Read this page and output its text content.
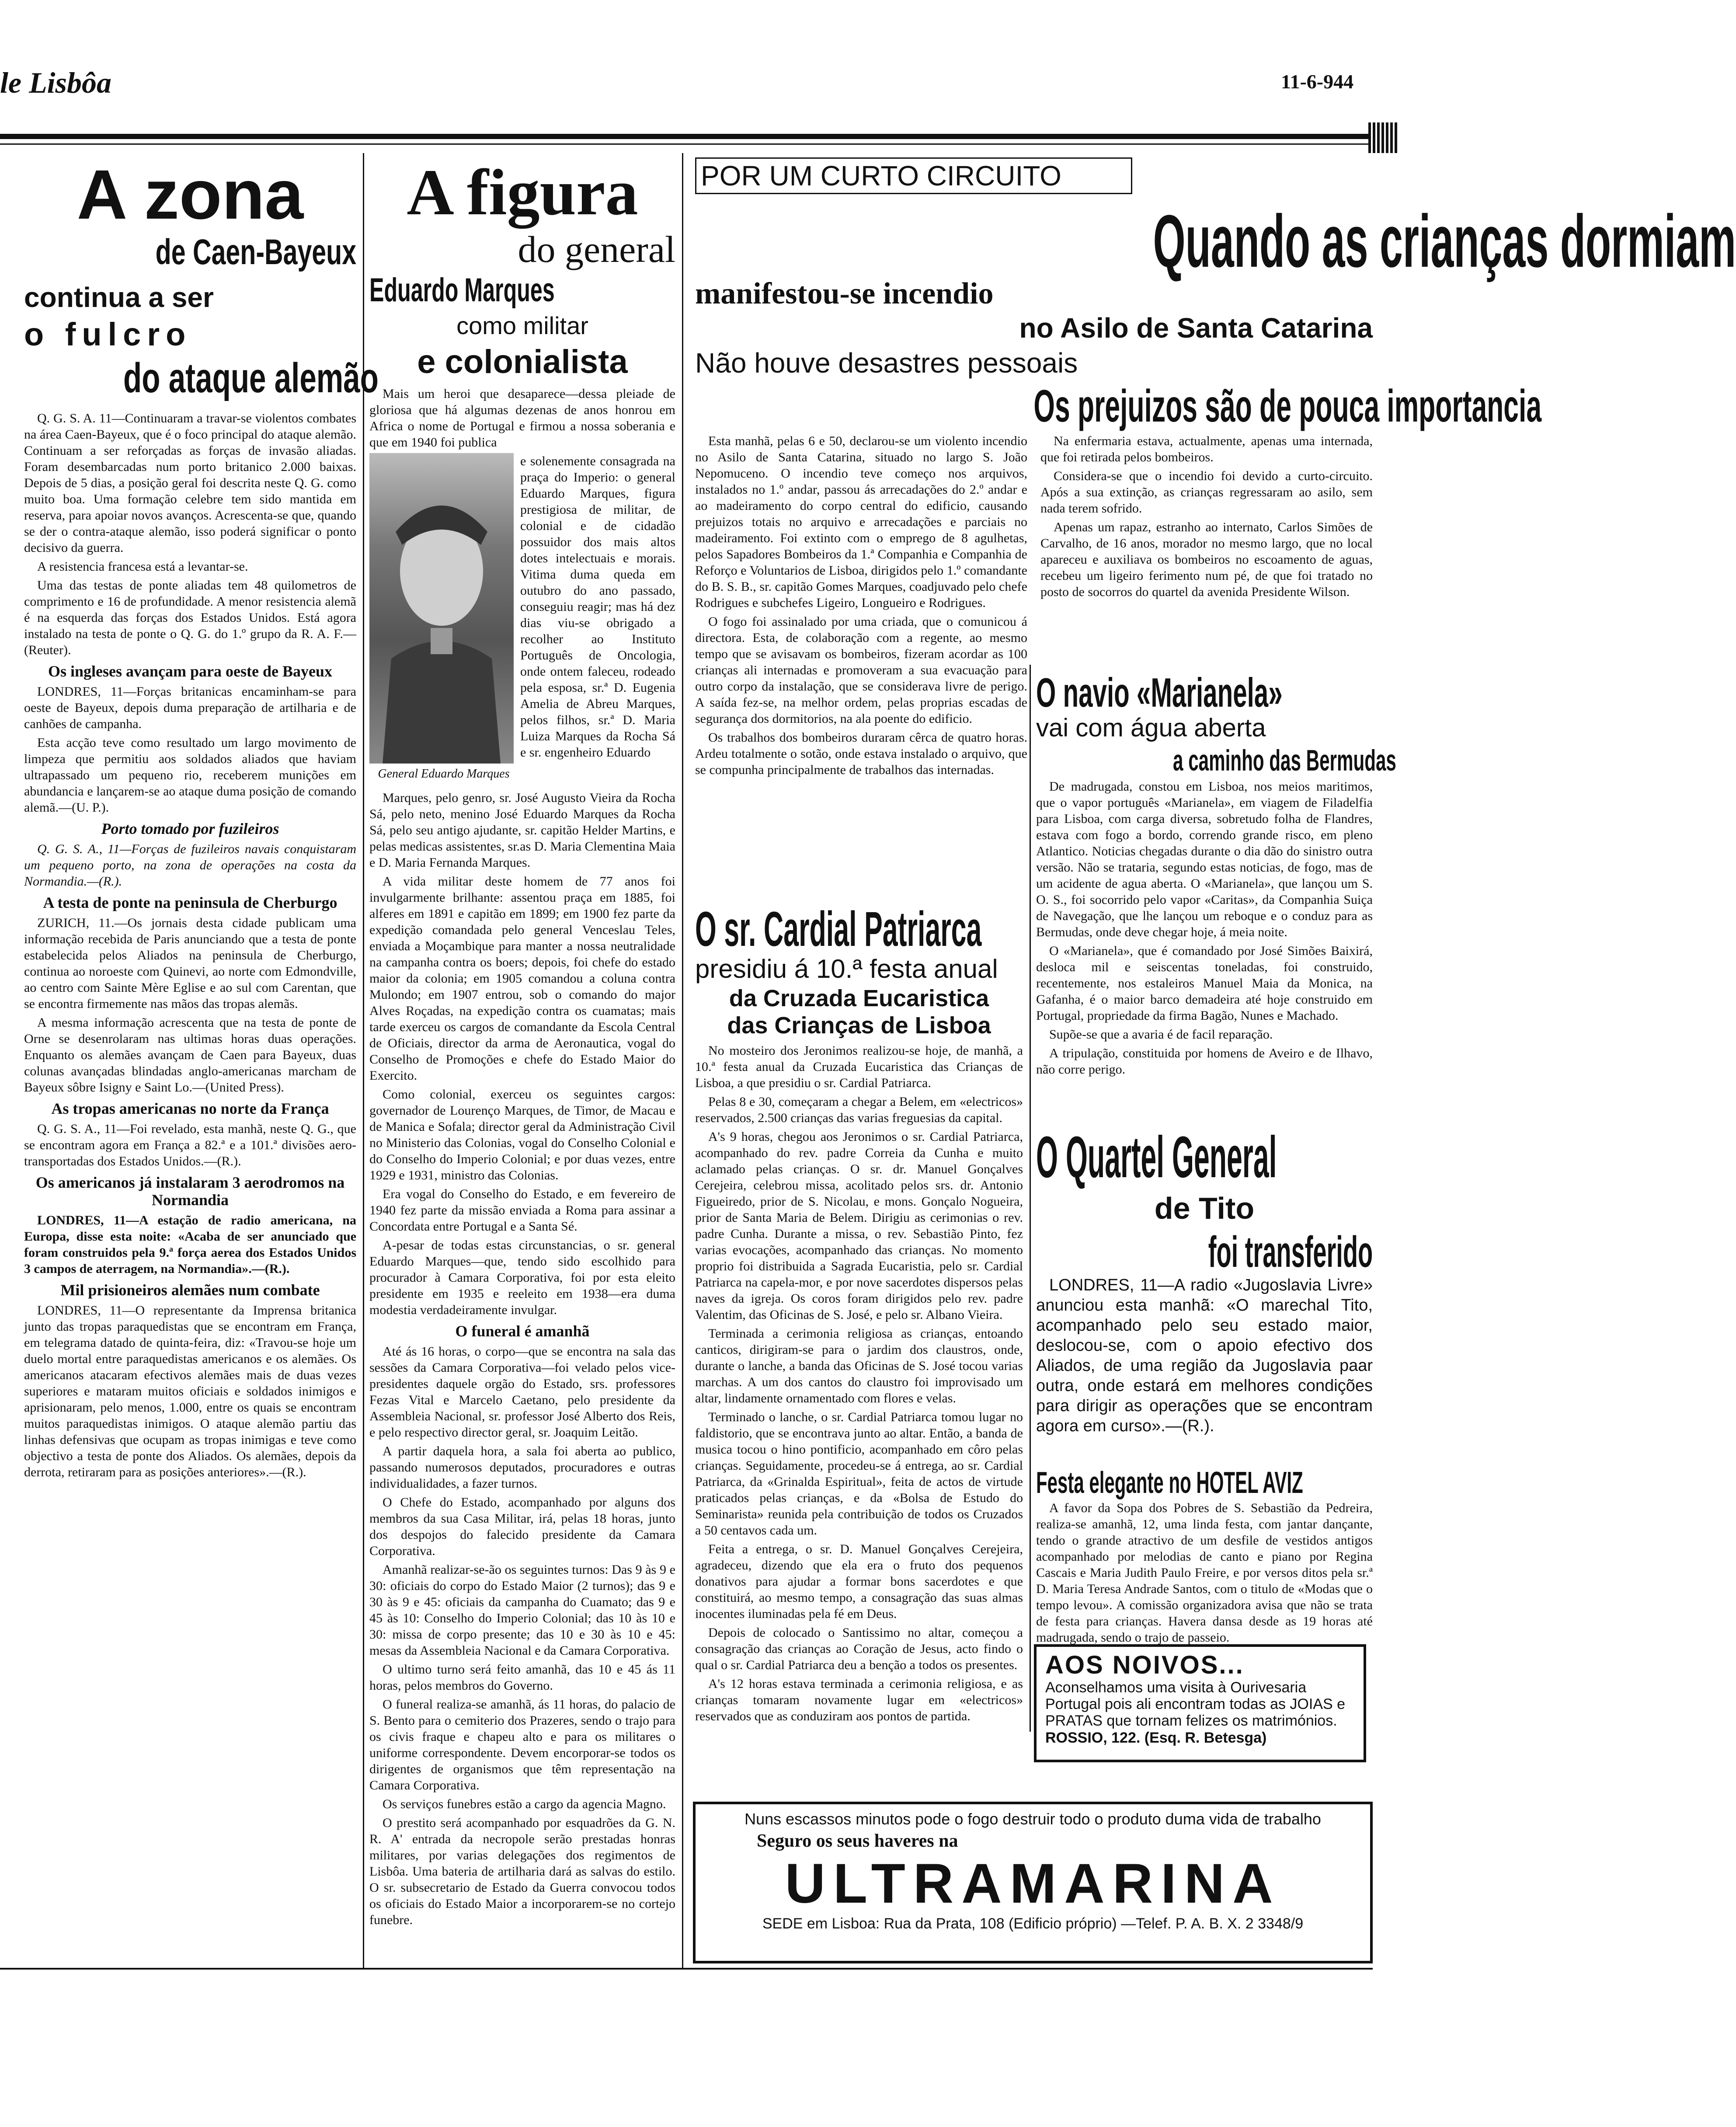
le Lisbôa	11-6-944
A zona
de Caen-Bayeux
continua a ser
o fulcro
do ataque alemão

Q. G. S. A. 11—Continuaram a travar-se violentos combates na área Caen-Bayeux, que é o foco principal do ataque alemão. Continuam a ser reforçadas as forças de invasão aliadas. Foram desembarcadas num porto britanico 2.000 baixas. Depois de 5 dias, a posição geral foi descrita neste Q. G. como muito boa. Uma formação celebre tem sido mantida em reserva, para apoiar novos avanços. Acrescenta-se que, quando se der o contra-ataque alemão, isso poderá significar o ponto decisivo da guerra.

A resistencia francesa está a levantar-se.

Uma das testas de ponte aliadas tem 48 quilometros de comprimento e 16 de profundidade. A menor resistencia alemã é na esquerda das forças dos Estados Unidos. Está agora instalado na testa de ponte o Q. G. do 1.º grupo da R. A. F.—(Reuter).

Os ingleses avançam para oeste de Bayeux

LONDRES, 11—Forças britanicas encaminham-se para oeste de Bayeux, depois duma preparação de artilharia e de canhões de campanha.

Esta acção teve como resultado um largo movimento de limpeza que permitiu aos soldados aliados que haviam ultrapassado um pequeno rio, receberem munições em abundancia e lançarem-se ao ataque duma posição de comando alemã.—(U. P.).

Porto tomado por fuzileiros

Q. G. S. A., 11—Forças de fuzileiros navais conquistaram um pequeno porto, na zona de operações na costa da Normandia.—(R.).

A testa de ponte na peninsula de Cherburgo

ZURICH, 11.—Os jornais desta cidade publicam uma informação recebida de Paris anunciando que a testa de ponte estabelecida pelos Aliados na peninsula de Cherburgo, continua ao noroeste com Quinevi, ao norte com Edmondville, ao centro com Sainte Mère Eglise e ao sul com Carentan, que se encontra firmemente nas mãos das tropas alemãs.

A mesma informação acrescenta que na testa de ponte de Orne se desenrolaram nas ultimas horas duas operações. Enquanto os alemães avançam de Caen para Bayeux, duas colunas avançadas blindadas anglo-americanas marcham de Bayeux sôbre Isigny e Saint Lo.—(United Press).

As tropas americanas no norte da França

Q. G. S. A., 11—Foi revelado, esta manhã, neste Q. G., que se encontram agora em França a 82.ª e a 101.ª divisões aero-transportadas dos Estados Unidos.—(R.).

Os americanos já instalaram 3 aerodromos na Normandia

LONDRES, 11—A estação de radio americana, na Europa, disse esta noite: «Acaba de ser anunciado que foram construidos pela 9.ª força aerea dos Estados Unidos 3 campos de aterragem, na Normandia».—(R.).

Mil prisioneiros alemães num combate

LONDRES, 11—O representante da Imprensa britanica junto das tropas paraquedistas que se encontram em França, em telegrama datado de quinta-feira, diz: «Travou-se hoje um duelo mortal entre paraquedistas americanos e os alemães. Os americanos atacaram efectivos alemães mais de duas vezes superiores e mataram muitos oficiais e soldados inimigos e aprisionaram, pelo menos, 1.000, entre os quais se encontram muitos paraquedistas inimigos. O ataque alemão partiu das linhas defensivas que ocupam as tropas inimigas e teve como objectivo a testa de ponte dos Aliados. Os alemães, depois da derrota, retiraram para as posições anteriores».—(R.).

A figura
do general
Eduardo Marques
como militar
e colonialista

Mais um heroi que desaparece—dessa pleiade de gloriosa que há algumas dezenas de anos honrou em Africa o nome de Portugal e firmou a nossa soberania e que em 1940 foi publica

e solenemente consagrada na praça do Imperio: o general Eduardo Marques, figura prestigiosa de militar, de colonial e de cidadão possuidor dos mais altos dotes intelectuais e morais. Vitima duma queda em outubro do ano passado, conseguiu reagir; mas há dez dias viu-se obrigado a recolher ao Instituto Português de Oncologia, onde ontem faleceu, rodeado pela esposa, sr.ª D. Eugenia Amelia de Abreu Marques, pelos filhos, sr.ª D. Maria Luiza Marques da Rocha Sá e sr. engenheiro Eduardo

General Eduardo Marques

Marques, pelo genro, sr. José Augusto Vieira da Rocha Sá, pelo neto, menino José Eduardo Marques da Rocha Sá, pelo seu antigo ajudante, sr. capitão Helder Martins, e pelas medicas assistentes, sr.as D. Maria Clementina Maia e D. Maria Fernanda Marques.

A vida militar deste homem de 77 anos foi invulgarmente brilhante: assentou praça em 1885, foi alferes em 1891 e capitão em 1899; em 1900 fez parte da expedição comandada pelo general Venceslau Teles, enviada a Moçambique para manter a nossa neutralidade na campanha contra os boers; depois, foi chefe do estado maior da colonia; em 1905 comandou a coluna contra Mulondo; em 1907 entrou, sob o comando do major Alves Roçadas, na expedição contra os cuamatas; mais tarde exerceu os cargos de comandante da Escola Central de Oficiais, director da arma de Aeronautica, vogal do Conselho de Promoções e chefe do Estado Maior do Exercito.

Como colonial, exerceu os seguintes cargos: governador de Lourenço Marques, de Timor, de Macau e de Manica e Sofala; director geral da Administração Civil no Ministerio das Colonias, vogal do Conselho Colonial e do Conselho do Imperio Colonial; e por duas vezes, entre 1929 e 1931, ministro das Colonias.

Era vogal do Conselho do Estado, e em fevereiro de 1940 fez parte da missão enviada a Roma para assinar a Concordata entre Portugal e a Santa Sé.

A-pesar de todas estas circunstancias, o sr. general Eduardo Marques—que, tendo sido escolhido para procurador à Camara Corporativa, foi por esta eleito presidente em 1935 e reeleito em 1938—era duma modestia verdadeiramente invulgar.

O funeral é amanhã

Até ás 16 horas, o corpo—que se encontra na sala das sessões da Camara Corporativa—foi velado pelos vice-presidentes daquele orgão do Estado, srs. professores Fezas Vital e Marcelo Caetano, pelo presidente da Assembleia Nacional, sr. professor José Alberto dos Reis, e pelo respectivo director geral, sr. Joaquim Leitão.

A partir daquela hora, a sala foi aberta ao publico, passando numerosos deputados, procuradores e outras individualidades, a fazer turnos.

O Chefe do Estado, acompanhado por alguns dos membros da sua Casa Militar, irá, pelas 18 horas, junto dos despojos do falecido presidente da Camara Corporativa.

Amanhã realizar-se-ão os seguintes turnos: Das 9 às 9 e 30: oficiais do corpo do Estado Maior (2 turnos); das 9 e 30 às 9 e 45: oficiais da campanha do Cuamato; das 9 e 45 às 10: Conselho do Imperio Colonial; das 10 às 10 e 30: missa de corpo presente; das 10 e 30 às 10 e 45: mesas da Assembleia Nacional e da Camara Corporativa.

O ultimo turno será feito amanhã, das 10 e 45 ás 11 horas, pelos membros do Governo.

O funeral realiza-se amanhã, ás 11 horas, do palacio de S. Bento para o cemiterio dos Prazeres, sendo o trajo para os civis fraque e chapeu alto e para os militares o uniforme correspondente. Devem encorporar-se todos os dirigentes de organismos que têm representação na Camara Corporativa.

Os serviços funebres estão a cargo da agencia Magno.

O prestito será acompanhado por esquadrões da G. N. R. A' entrada da necropole serão prestadas honras militares, por varias delegações dos regimentos de Lisbôa. Uma bateria de artilharia dará as salvas do estilo. O sr. subsecretario de Estado da Guerra convocou todos os oficiais do Estado Maior a incorporarem-se no cortejo funebre.

POR UM CURTO CIRCUITO
Quando as crianças dormiam
manifestou-se incendio
no Asilo de Santa Catarina
Não houve desastres pessoais
Os prejuizos são de pouca importancia

Esta manhã, pelas 6 e 50, declarou-se um violento incendio no Asilo de Santa Catarina, situado no largo S. João Nepomuceno. O incendio teve começo nos arquivos, instalados no 1.º andar, passou ás arrecadações do 2.º andar e ao madeiramento do corpo central do edificio, causando prejuizos totais no arquivo e arrecadações e parciais no madeiramento. Foi extinto com o emprego de 8 agulhetas, pelos Sapadores Bombeiros da 1.ª Companhia e Companhia de Reforço e Voluntarios de Lisboa, dirigidos pelo 1.º comandante do B. S. B., sr. capitão Gomes Marques, coadjuvado pelo chefe Rodrigues e subchefes Ligeiro, Longueiro e Rodrigues.

O fogo foi assinalado por uma criada, que o comunicou á directora. Esta, de colaboração com a regente, ao mesmo tempo que se avisavam os bombeiros, fizeram acordar as 100 crianças ali internadas e promoveram a sua evacuação para outro corpo da instalação, que se considerava livre de perigo. A saída fez-se, na melhor ordem, pelas proprias escadas de segurança dos dormitorios, na ala poente do edificio.

Os trabalhos dos bombeiros duraram cêrca de quatro horas. Ardeu totalmente o sotão, onde estava instalado o arquivo, que se compunha principalmente de trabalhos das internadas.

Na enfermaria estava, actualmente, apenas uma internada, que foi retirada pelos bombeiros.

Considera-se que o incendio foi devido a curto-circuito. Após a sua extinção, as crianças regressaram ao asilo, sem nada terem sofrido.

Apenas um rapaz, estranho ao internato, Carlos Simões de Carvalho, de 16 anos, morador no mesmo largo, que no local apareceu e auxiliava os bombeiros no escoamento de aguas, recebeu um ligeiro ferimento num pé, de que foi tratado no posto de socorros do quartel da avenida Presidente Wilson.

O sr. Cardial Patriarca
presidiu á 10.ª festa anual
da Cruzada Eucaristica
das Crianças de Lisboa

No mosteiro dos Jeronimos realizou-se hoje, de manhã, a 10.ª festa anual da Cruzada Eucaristica das Crianças de Lisboa, a que presidiu o sr. Cardial Patriarca.

Pelas 8 e 30, começaram a chegar a Belem, em «electricos» reservados, 2.500 crianças das varias freguesias da capital.

A's 9 horas, chegou aos Jeronimos o sr. Cardial Patriarca, acompanhado do rev. padre Correia da Cunha e muito aclamado pelas crianças. O sr. dr. Manuel Gonçalves Cerejeira, celebrou missa, acolitado pelos srs. dr. Antonio Figueiredo, prior de S. Nicolau, e mons. Gonçalo Nogueira, prior de Santa Maria de Belem. Dirigiu as cerimonias o rev. padre Cunha. Durante a missa, o rev. Sebastião Pinto, fez varias evocações, acompanhado das crianças. No momento proprio foi distribuida a Sagrada Eucaristia, pelo sr. Cardial Patriarca na capela-mor, e por nove sacerdotes dispersos pelas naves da igreja. Os coros foram dirigidos pelo rev. padre Valentim, das Oficinas de S. José, e pelo sr. Albano Vieira.

Terminada a cerimonia religiosa as crianças, entoando canticos, dirigiram-se para o jardim dos claustros, onde, durante o lanche, a banda das Oficinas de S. José tocou varias marchas. A um dos cantos do claustro foi improvisado um altar, lindamente ornamentado com flores e velas.

Terminado o lanche, o sr. Cardial Patriarca tomou lugar no faldistorio, que se encontrava junto ao altar. Então, a banda de musica tocou o hino pontificio, acompanhado em côro pelas crianças. Seguidamente, procedeu-se á entrega, ao sr. Cardial Patriarca, da «Grinalda Espiritual», feita de actos de virtude praticados pelas crianças, e da «Bolsa de Estudo do Seminarista» reunida pela contribuição de todos os Cruzados a 50 centavos cada um.

Feita a entrega, o sr. D. Manuel Gonçalves Cerejeira, agradeceu, dizendo que ela era o fruto dos pequenos donativos para ajudar a formar bons sacerdotes e que constituirá, ao mesmo tempo, a consagração das suas almas inocentes iluminadas pela fé em Deus.

Depois de colocado o Santissimo no altar, começou a consagração das crianças ao Coração de Jesus, acto findo o qual o sr. Cardial Patriarca deu a benção a todos os presentes.

A's 12 horas estava terminada a cerimonia religiosa, e as crianças tomaram novamente lugar em «electricos» reservados que as conduziram aos pontos de partida.

O navio «Marianela»
vai com água aberta
a caminho das Bermudas

De madrugada, constou em Lisboa, nos meios maritimos, que o vapor português «Marianela», em viagem de Filadelfia para Lisboa, com carga diversa, sobretudo folha de Flandres, estava com fogo a bordo, correndo grande risco, em pleno Atlantico. Noticias chegadas durante o dia dão do sinistro outra versão. Não se trataria, segundo estas noticias, de fogo, mas de um acidente de agua aberta. O «Marianela», que lançou um S. O. S., foi socorrido pelo vapor «Caritas», da Companhia Suiça de Navegação, que lhe lançou um reboque e o conduz para as Bermudas, onde deve chegar hoje, á meia noite.

O «Marianela», que é comandado por José Simões Baixirá, desloca mil e seiscentas toneladas, foi construido, recentemente, nos estaleiros Manuel Maia da Monica, na Gafanha, é o maior barco demadeira até hoje construido em Portugal, propriedade da firma Bagão, Nunes e Machado.

Supõe-se que a avaria é de facil reparação.

A tripulação, constituida por homens de Aveiro e de Ilhavo, não corre perigo.

O Quartel General
de Tito
foi transferido

LONDRES, 11—A radio «Jugoslavia Livre» anunciou esta manhã: «O marechal Tito, acompanhado pelo seu estado maior, deslocou-se, com o apoio efectivo dos Aliados, de uma região da Jugoslavia paar outra, onde estará em melhores condições para dirigir as operações que se encontram agora em curso».—(R.).

Festa elegante no HOTEL AVIZ

A favor da Sopa dos Pobres de S. Sebastião da Pedreira, realiza-se amanhã, 12, uma linda festa, com jantar dançante, tendo o grande atractivo de um desfile de vestidos antigos acompanhado por melodias de canto e piano por Regina Cascais e Maria Judith Paulo Freire, e por versos ditos pela sr.ª D. Maria Teresa Andrade Santos, com o titulo de «Modas que o tempo levou». A comissão organizadora avisa que não se trata de festa para crianças. Havera dansa desde as 19 horas até madrugada, sendo o trajo de passeio.

AOS NOIVOS...
Aconselhamos uma visita à Ourivesaria Portugal pois ali encontram todas as JOIAS e PRATAS que tornam felizes os matrimónios.
ROSSIO, 122. (Esq. R. Betesga)
Nuns escassos minutos pode o fogo destruir todo o produto duma vida de trabalho
Seguro os seus haveres na
ULTRAMARINA
SEDE em Lisboa: Rua da Prata, 108 (Edificio próprio) —Telef. P. A. B. X. 2 3348/9
